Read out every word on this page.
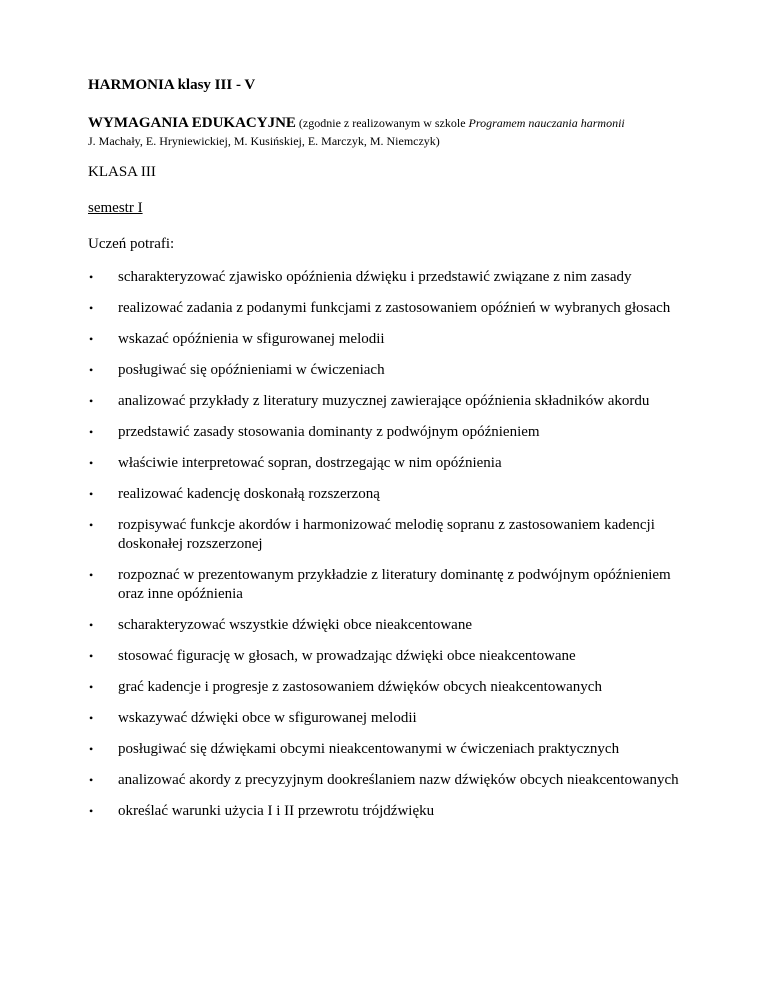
HARMONIA klasy III - V

WYMAGANIA EDUKACYJNE (zgodnie z realizowanym w szkole Programem nauczania harmonii
J. Machały, E. Hryniewickiej, M. Kusińskiej, E. Marczyk, M. Niemczyk)
KLASA III
semestr I
Uczeń potrafi:
•	scharakteryzować zjawisko opóźnienia dźwięku i przedstawić związane z nim zasady
•	realizować zadania z podanymi funkcjami z zastosowaniem opóźnień w wybranych głosach
•	wskazać opóźnienia w sfigurowanej melodii
•	posługiwać się opóźnieniami w ćwiczeniach
•	analizować przykłady z literatury muzycznej zawierające opóźnienia składników akordu
•	przedstawić zasady stosowania dominanty z podwójnym opóźnieniem
•	właściwie interpretować sopran, dostrzegając w nim opóźnienia
•	realizować kadencję doskonałą rozszerzoną
•	rozpisywać funkcje akordów i harmonizować melodię sopranu z zastosowaniem kadencji doskonałej rozszerzonej
•	rozpoznać w prezentowanym przykładzie z literatury dominantę z podwójnym opóźnieniem oraz inne opóźnienia
•	scharakteryzować wszystkie dźwięki obce nieakcentowane
•	stosować figurację w głosach, w prowadzając dźwięki obce nieakcentowane
•	grać kadencje i progresje z zastosowaniem dźwięków obcych nieakcentowanych
•	wskazywać dźwięki obce w sfigurowanej melodii
•	posługiwać się dźwiękami obcymi nieakcentowanymi w ćwiczeniach praktycznych
•	analizować akordy z precyzyjnym dookreślaniem nazw dźwięków obcych nieakcentowanych
•	określać warunki użycia I i II przewrotu trójdźwięku
